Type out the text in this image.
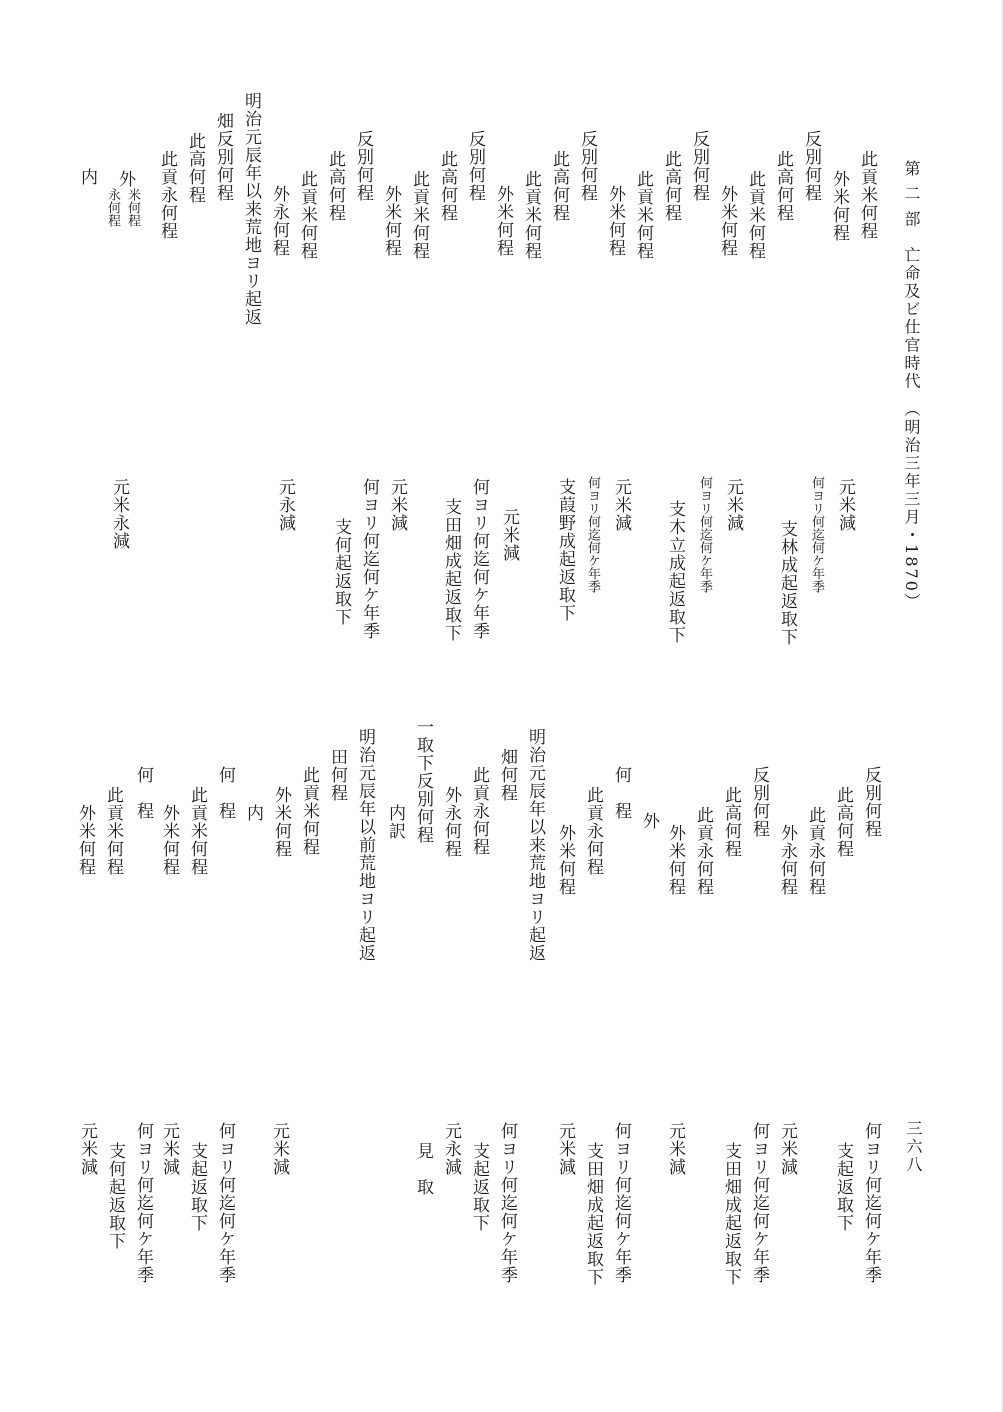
第 二 部　亡命及ビ仕官時代　（明治三年三月・1870）
三六八
此貢米何程
外米何程
反別何程
此高何程
此貢米何程
外米何程
反別何程
此高何程
此貢米何程
外米何程
反別何程
此高何程
此貢米何程
外米何程
反別何程
此高何程
此貢米何程
外米何程
反別何程
此高何程
此貢米何程
外永何程
明治元辰年以来荒地ヨリ起返
畑反別何程
此高何程
此貢永何程
外
米何程
永何程
内
元米減
何ヨリ何迄何ケ年季
支林成起返取下
元米減
何ヨリ何迄何ケ年季
支木立成起返取下
元米減
何ヨリ何迄何ケ年季
支葭野成起返取下
元米減
何ヨリ何迄何ケ年季
支田畑成起返取下
元米減
何ヨリ何迄何ケ年季
支何起返取下
元永減
元米永減
反別何程
此高何程
此貢永何程
外永何程
反別何程
此高何程
此貢永何程
外米何程
外
何　程
此貢永何程
外米何程
明治元辰年以来荒地ヨリ起返
畑何程
此貢永何程
外永何程
一取下反別何程
内訳
明治元辰年以前荒地ヨリ起返
田何程
此貢米何程
外米何程
内
何　程
此貢米何程
外米何程
何　程
此貢米何程
外米何程
何ヨリ何迄何ケ年季
支起返取下
元米減
何ヨリ何迄何ケ年季
支田畑成起返取下
元米減
何ヨリ何迄何ケ年季
支田畑成起返取下
元米減
何ヨリ何迄何ケ年季
支起返取下
元永減
見　取
元米減
何ヨリ何迄何ケ年季
支起返取下
元米減
何ヨリ何迄何ケ年季
支何起返取下
元米減
